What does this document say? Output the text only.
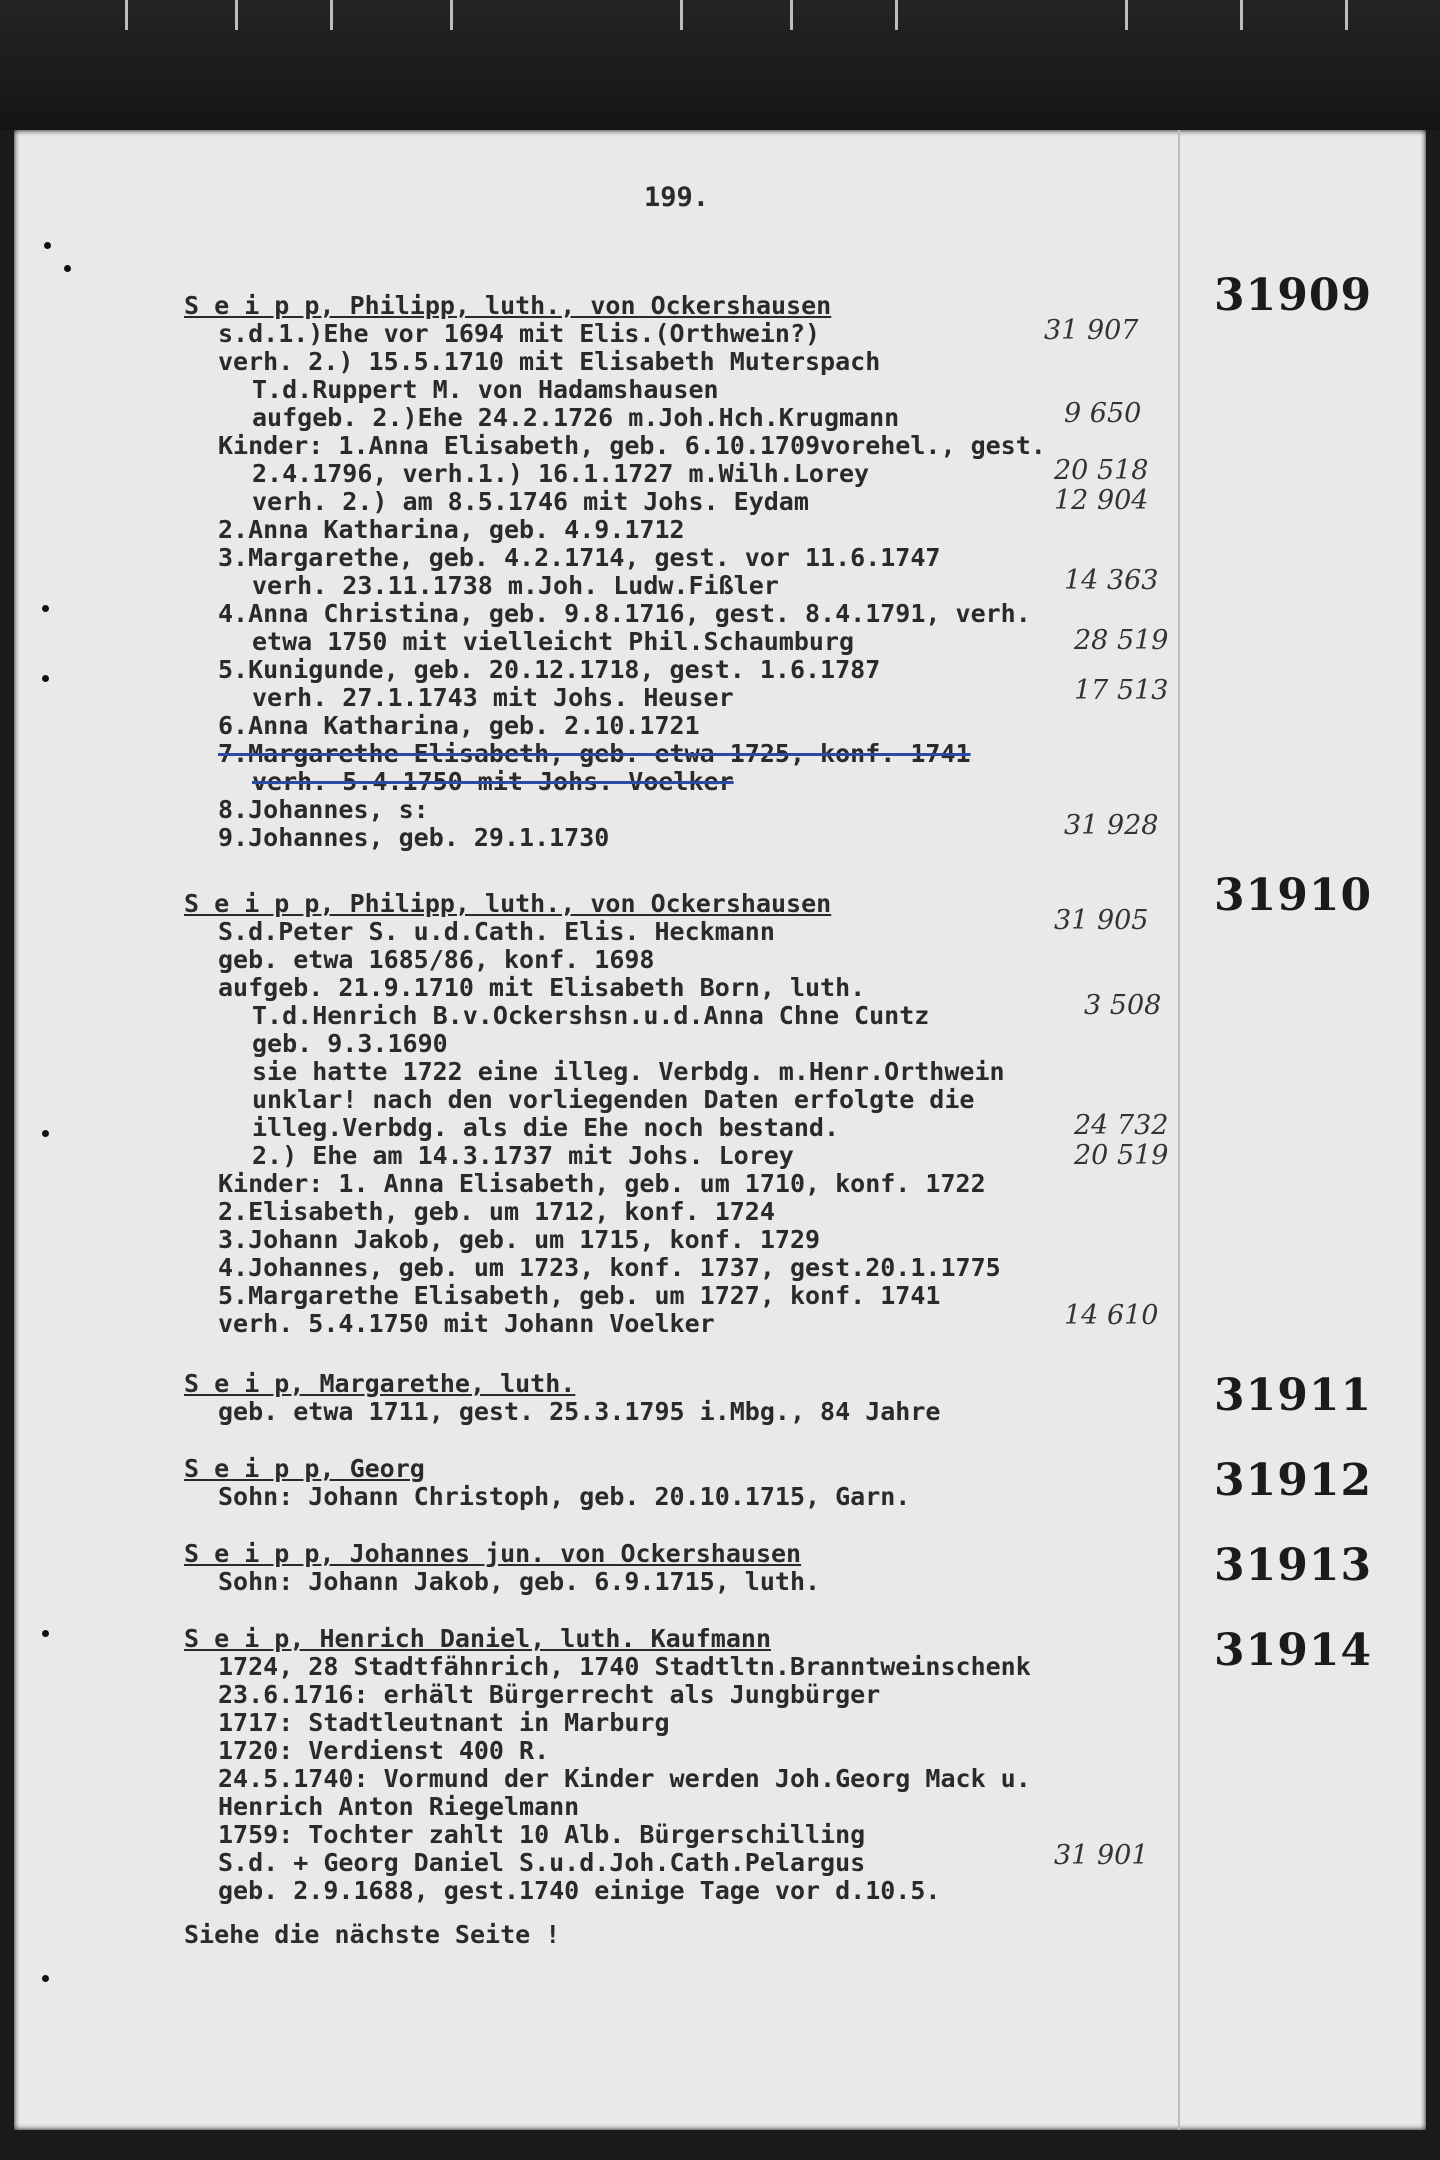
199.
31909
31910
31911
31912
31913
31914
S e i p p, Philipp, luth., von Ockershausen
s.d.1.)Ehe vor 1694 mit Elis.(Orthwein?)
verh. 2.) 15.5.1710 mit Elisabeth Muterspach
T.d.Ruppert M. von Hadamshausen
aufgeb. 2.)Ehe 24.2.1726 m.Joh.Hch.Krugmann
Kinder: 1.Anna Elisabeth, geb. 6.10.1709vorehel., gest.
2.4.1796, verh.1.) 16.1.1727 m.Wilh.Lorey
verh. 2.) am 8.5.1746 mit Johs. Eydam
2.Anna Katharina, geb. 4.9.1712
3.Margarethe, geb. 4.2.1714, gest. vor 11.6.1747
verh. 23.11.1738 m.Joh. Ludw.Fißler
4.Anna Christina, geb. 9.8.1716, gest. 8.4.1791, verh.
etwa 1750 mit vielleicht Phil.Schaumburg
5.Kunigunde, geb. 20.12.1718, gest. 1.6.1787
verh. 27.1.1743 mit Johs. Heuser
6.Anna Katharina, geb. 2.10.1721
7.Margarethe Elisabeth, geb. etwa 1725, konf. 1741
verh. 5.4.1750 mit Johs. Voelker
8.Johannes, s:
9.Johannes, geb. 29.1.1730
S e i p p, Philipp, luth., von Ockershausen
S.d.Peter S. u.d.Cath. Elis. Heckmann
geb. etwa 1685/86, konf. 1698
aufgeb. 21.9.1710 mit Elisabeth Born, luth.
T.d.Henrich B.v.Ockershsn.u.d.Anna Chne Cuntz
geb. 9.3.1690
sie hatte 1722 eine illeg. Verbdg. m.Henr.Orthwein
unklar! nach den vorliegenden Daten erfolgte die
illeg.Verbdg. als die Ehe noch bestand.
2.) Ehe am 14.3.1737 mit Johs. Lorey
Kinder: 1. Anna Elisabeth, geb. um 1710, konf. 1722
2.Elisabeth, geb. um 1712, konf. 1724
3.Johann Jakob, geb. um 1715, konf. 1729
4.Johannes, geb. um 1723, konf. 1737, gest.20.1.1775
5.Margarethe Elisabeth, geb. um 1727, konf. 1741
verh. 5.4.1750 mit Johann Voelker
S e i p, Margarethe, luth.
geb. etwa 1711, gest. 25.3.1795 i.Mbg., 84 Jahre
S e i p p, Georg
Sohn: Johann Christoph, geb. 20.10.1715, Garn.
S e i p p, Johannes jun. von Ockershausen
Sohn: Johann Jakob, geb. 6.9.1715, luth.
S e i p, Henrich Daniel, luth. Kaufmann
1724, 28 Stadtfähnrich, 1740 Stadtltn.Branntweinschenk
23.6.1716: erhält Bürgerrecht als Jungbürger
1717: Stadtleutnant in Marburg
1720: Verdienst 400 R.
24.5.1740: Vormund der Kinder werden Joh.Georg Mack u.
Henrich Anton Riegelmann
1759: Tochter zahlt 10 Alb. Bürgerschilling
S.d. + Georg Daniel S.u.d.Joh.Cath.Pelargus
geb. 2.9.1688, gest.1740 einige Tage vor d.10.5.
31 907
9 650
20 518
12 904
14 363
28 519
17 513
31 928
31 905
3 508
24 732
20 519
14 610
31 901
Siehe die nächste Seite !
